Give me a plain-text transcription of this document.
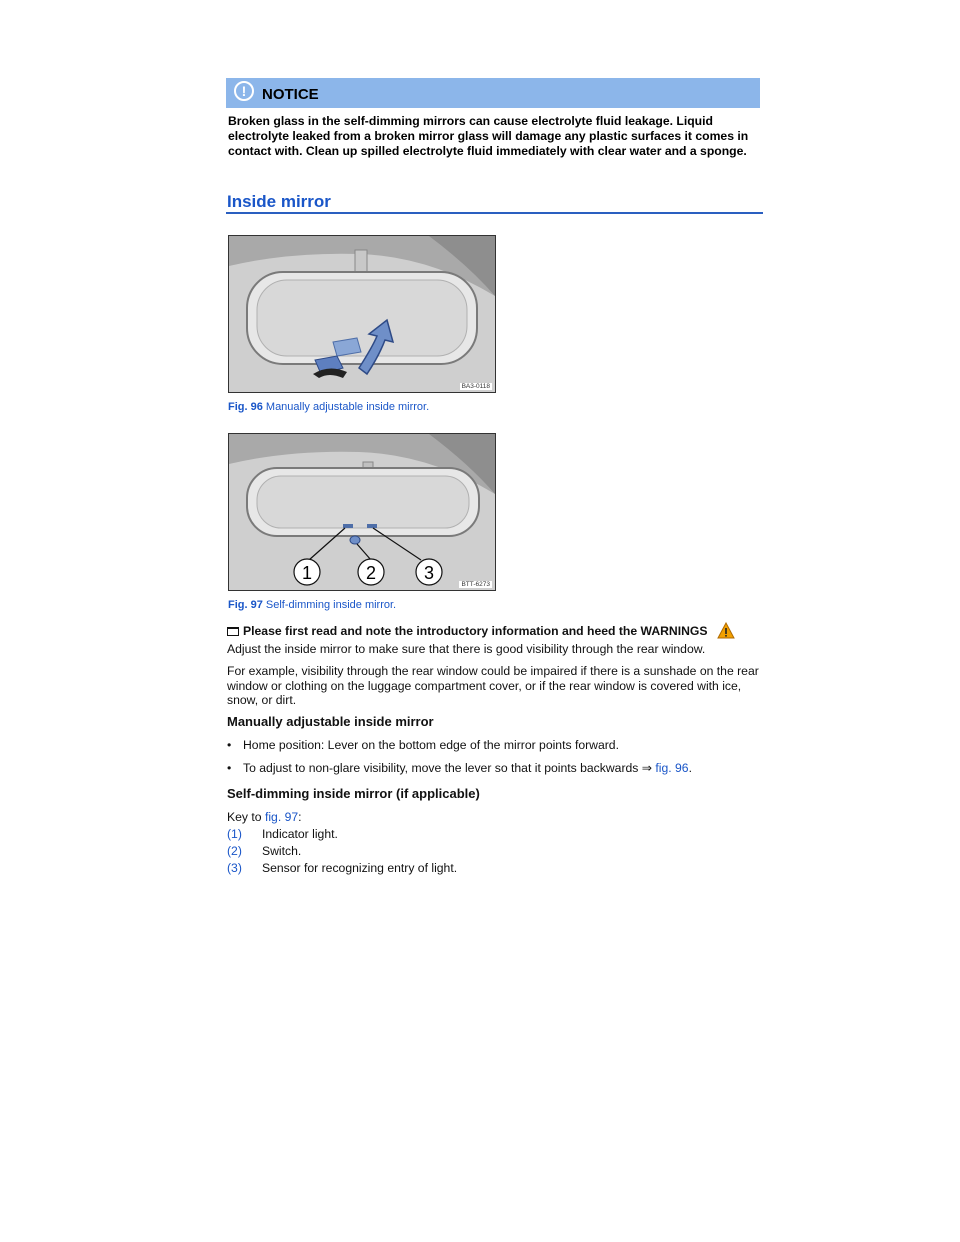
!	NOTICE
Broken glass in the self-dimming mirrors can cause electrolyte fluid leakage. Liquid electrolyte leaked from a broken mirror glass will damage any plastic surfaces it comes in contact with. Clean up spilled electrolyte fluid immediately with clear water and a sponge.
Inside mirror
BA3-0118
Fig. 96 Manually adjustable inside mirror.
1	2	3
BTT-6273
Fig. 97 Self-dimming inside mirror.
Please first read and note the introductory information and heed the WARNINGS
Adjust the inside mirror to make sure that there is good visibility through the rear window.
For example, visibility through the rear window could be impaired if there is a sunshade on the rear window or clothing on the luggage compartment cover, or if the rear window is covered with ice, snow, or dirt.
Manually adjustable inside mirror
• Home position: Lever on the bottom edge of the mirror points forward.
• To adjust to non-glare visibility, move the lever so that it points backwards ⇒ fig. 96.
Self-dimming inside mirror (if applicable)
Key to fig. 97:
(1) Indicator light.
(2) Switch.
(3) Sensor for recognizing entry of light.
